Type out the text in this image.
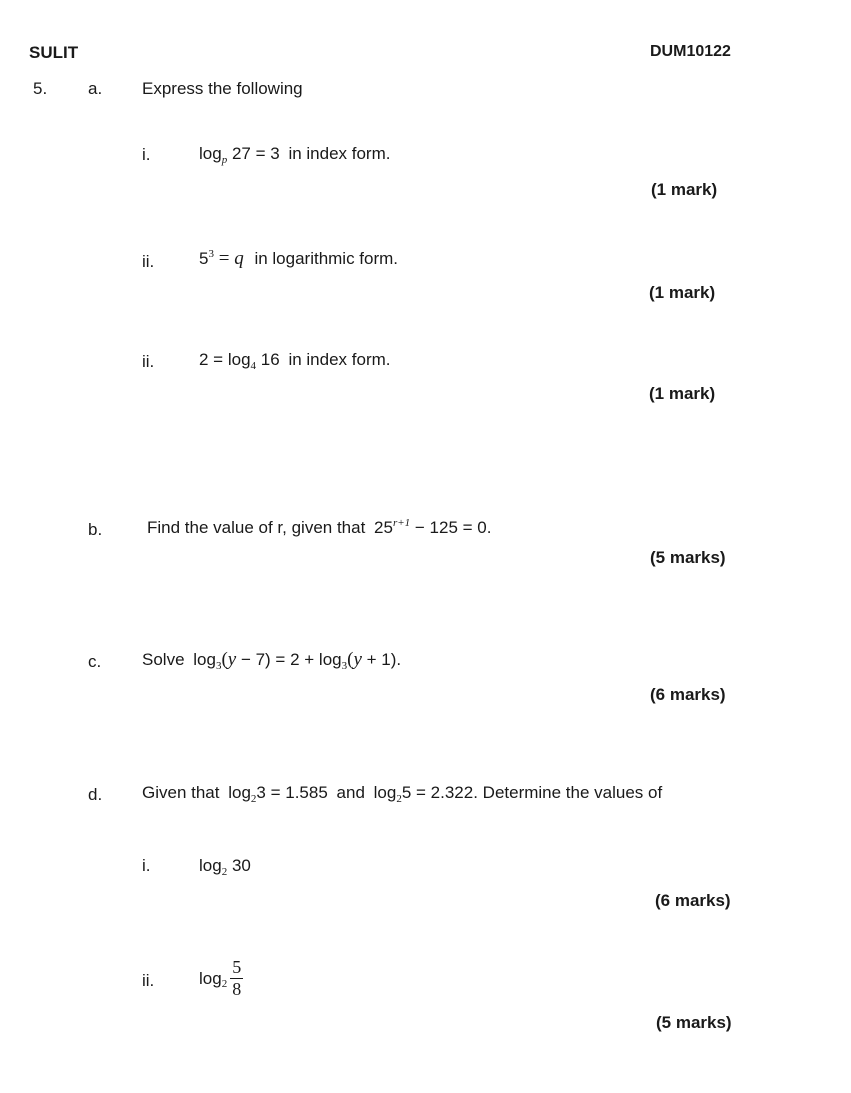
SULIT	DUM10122
5. a. Express the following
i.	$\log_p 27 = 3$ in index form.
(1 mark)
ii.	$5^3 = q$ in logarithmic form.
(1 mark)
ii.	$2 = \log_4 16$ in index form.
(1 mark)
b.	Find the value of r, given that $25^{r+1} - 125 = 0$.
(5 marks)
c. Solve $\log_3(y - 7) = 2 + \log_3(y + 1)$.
(6 marks)
d. Given that $\log_23 = 1.585$ and $\log_25 = 2.322$. Determine the values of
i.	$\log_2 30$
(6 marks)
ii.	$\log_2 \frac{5}{8}$
(5 marks)
